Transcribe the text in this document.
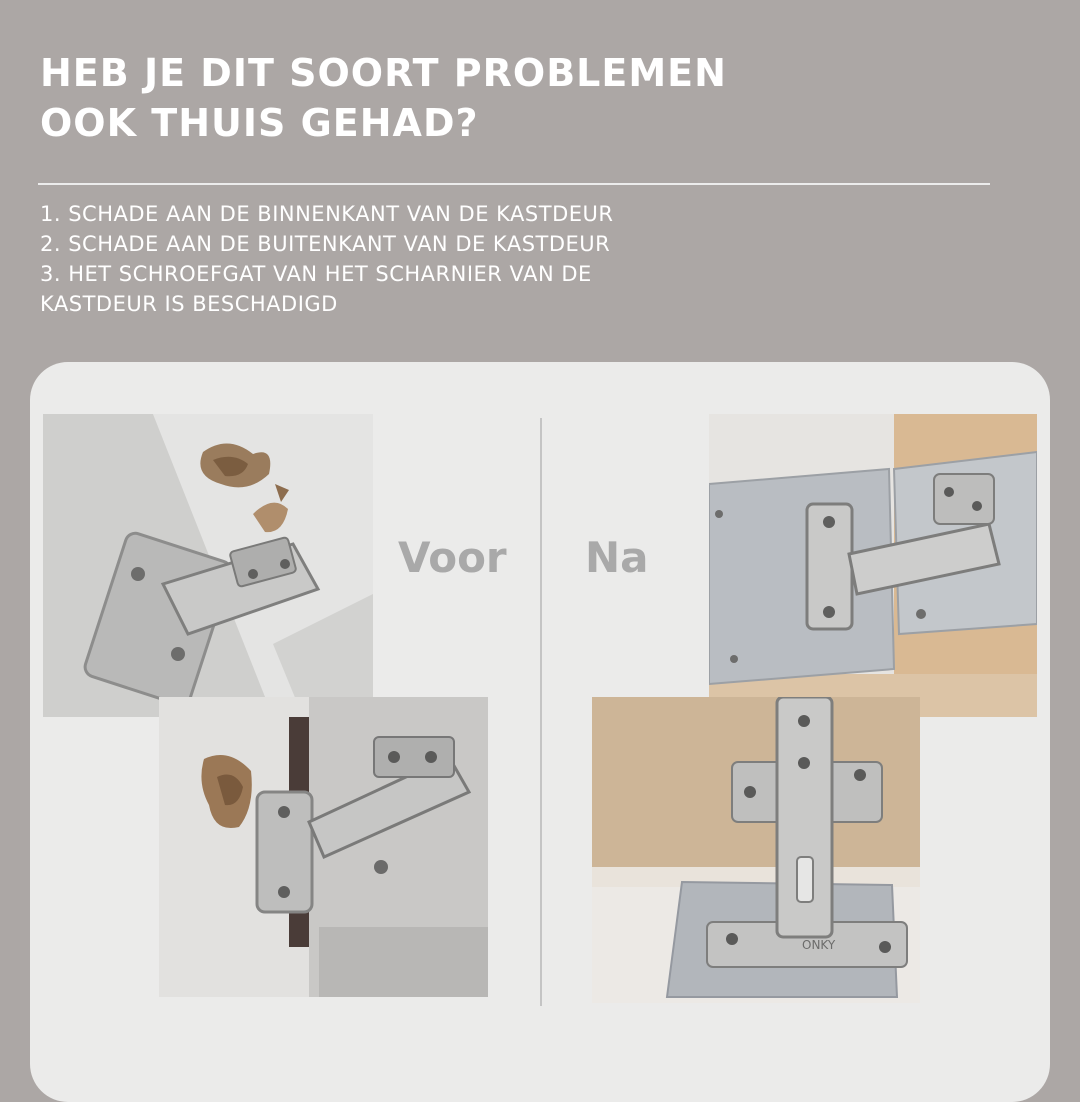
HEB JE DIT SOORT PROBLEMEN
OOK THUIS GEHAD?
1. SCHADE AAN DE BINNENKANT VAN DE KASTDEUR
2. SCHADE AAN DE BUITENKANT VAN DE KASTDEUR
3. HET SCHROEFGAT VAN HET SCHARNIER VAN DE
KASTDEUR IS BESCHADIGD
Voor Na
ONKY
